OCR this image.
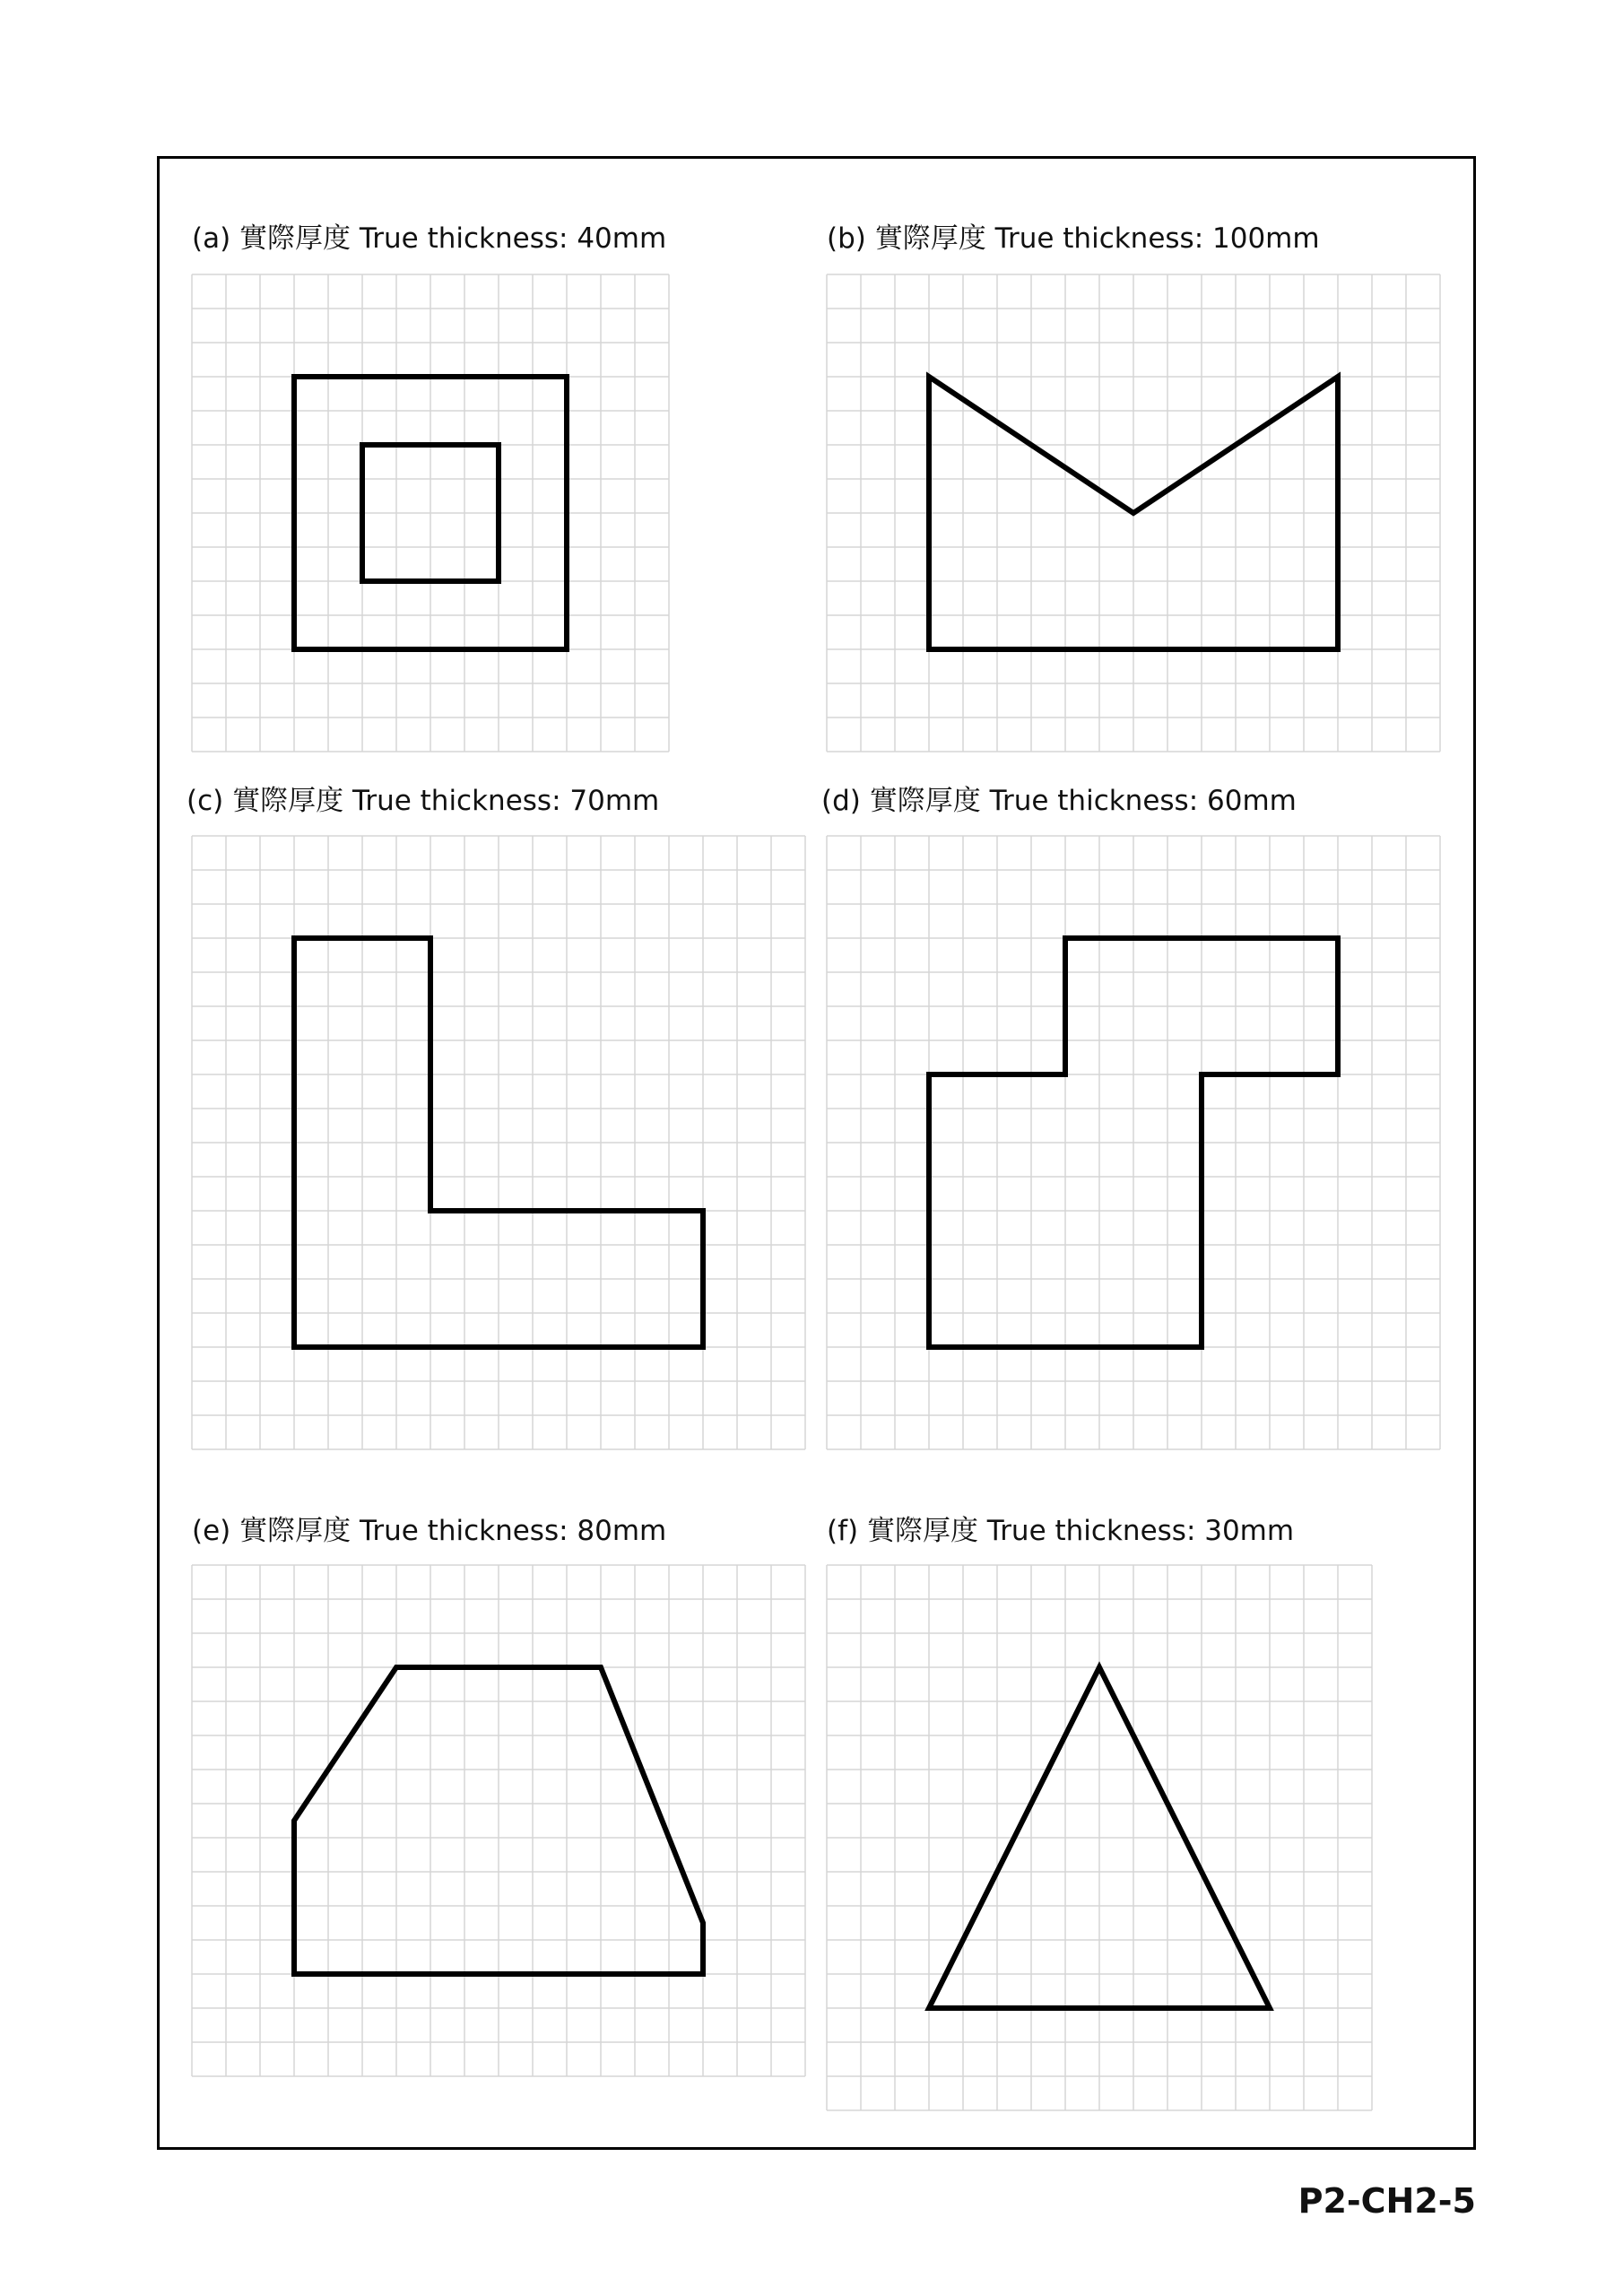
(a) 實際厚度 True thickness: 40mm	(b) 實際厚度 True thickness: 100mm
(c) 實際厚度 True thickness: 70mm	(d) 實際厚度 True thickness: 60mm
(e) 實際厚度 True thickness: 80mm	(f) 實際厚度 True thickness: 30mm
P2-CH2-5
